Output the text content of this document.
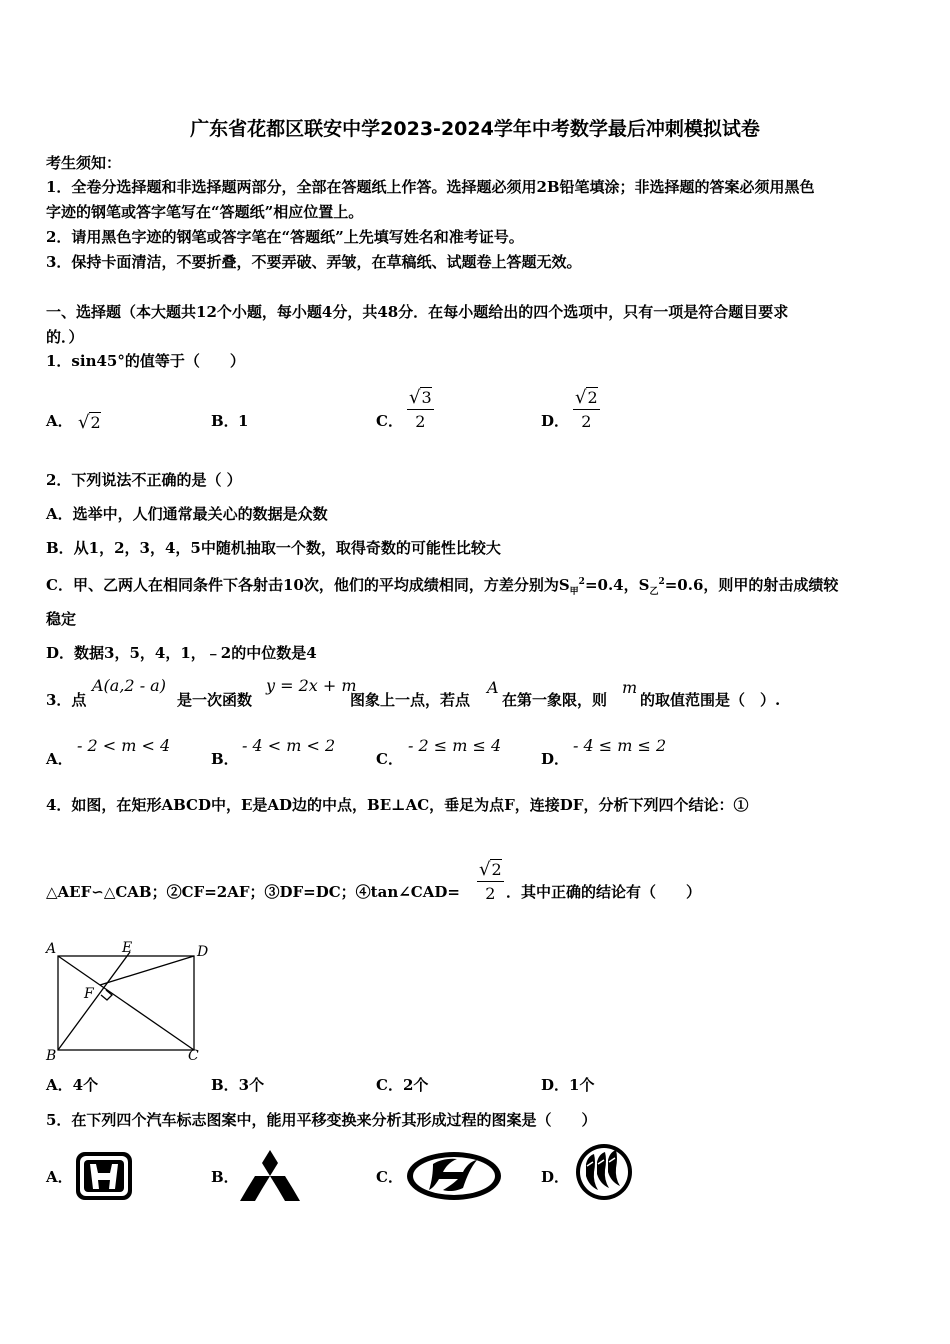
广东省花都区联安中学2023-2024学年中考数学最后冲刺模拟试卷
考生须知：
1．全卷分选择题和非选择题两部分，全部在答题纸上作答。选择题必须用2B铅笔填涂；非选择题的答案必须用黑色
字迹的钢笔或答字笔写在“答题纸”相应位置上。
2．请用黑色字迹的钢笔或答字笔在“答题纸”上先填写姓名和准考证号。
3．保持卡面清洁，不要折叠，不要弄破、弄皱，在草稿纸、试题卷上答题无效。
一、选择题（本大题共12个小题，每小题4分，共48分．在每小题给出的四个选项中，只有一项是符合题目要求
的．）
1．sin45°的值等于（　　）
A． √2	B． 1	C． $\frac{√3}{2}$	D． $\frac{√2}{2}$
2．下列说法不正确的是（ ）
A．选举中，人们通常最关心的数据是众数
B．从1，2，3，4，5中随机抽取一个数，取得奇数的可能性比较大
C．甲、乙两人在相同条件下各射击10次，他们的平均成绩相同，方差分别为$S_甲^2=0.4$，$S_乙^2=0.6$，则甲的射击成绩较
稳定
D．数据3，5，4，1，﹣2的中位数是4
3．点
A(a,2 - a)
是一次函数
y = 2x + m
图象上一点，若点
A
在第一象限，则
m
的取值范围是（　）.
A．
- 2 < m < 4
B．
- 4 < m < 2
C．
- 2 ≤ m ≤ 4
D．
- 4 ≤ m ≤ 2
4．如图，在矩形ABCD中，E是AD边的中点，BE⊥AC，垂足为点F，连接DF，分析下列四个结论：①
△AEF∽△CAB；②CF=2AF；③DF=DC；④tan∠CAD= $\frac{√2}{2}$ ．其中正确的结论有（　　）
A	E	D
F
B	C
A．4个	B．3个	C．2个	D．1个
5．在下列四个汽车标志图案中，能用平移变换来分析其形成过程的图案是（　　）
A．	B．	C．	D．
